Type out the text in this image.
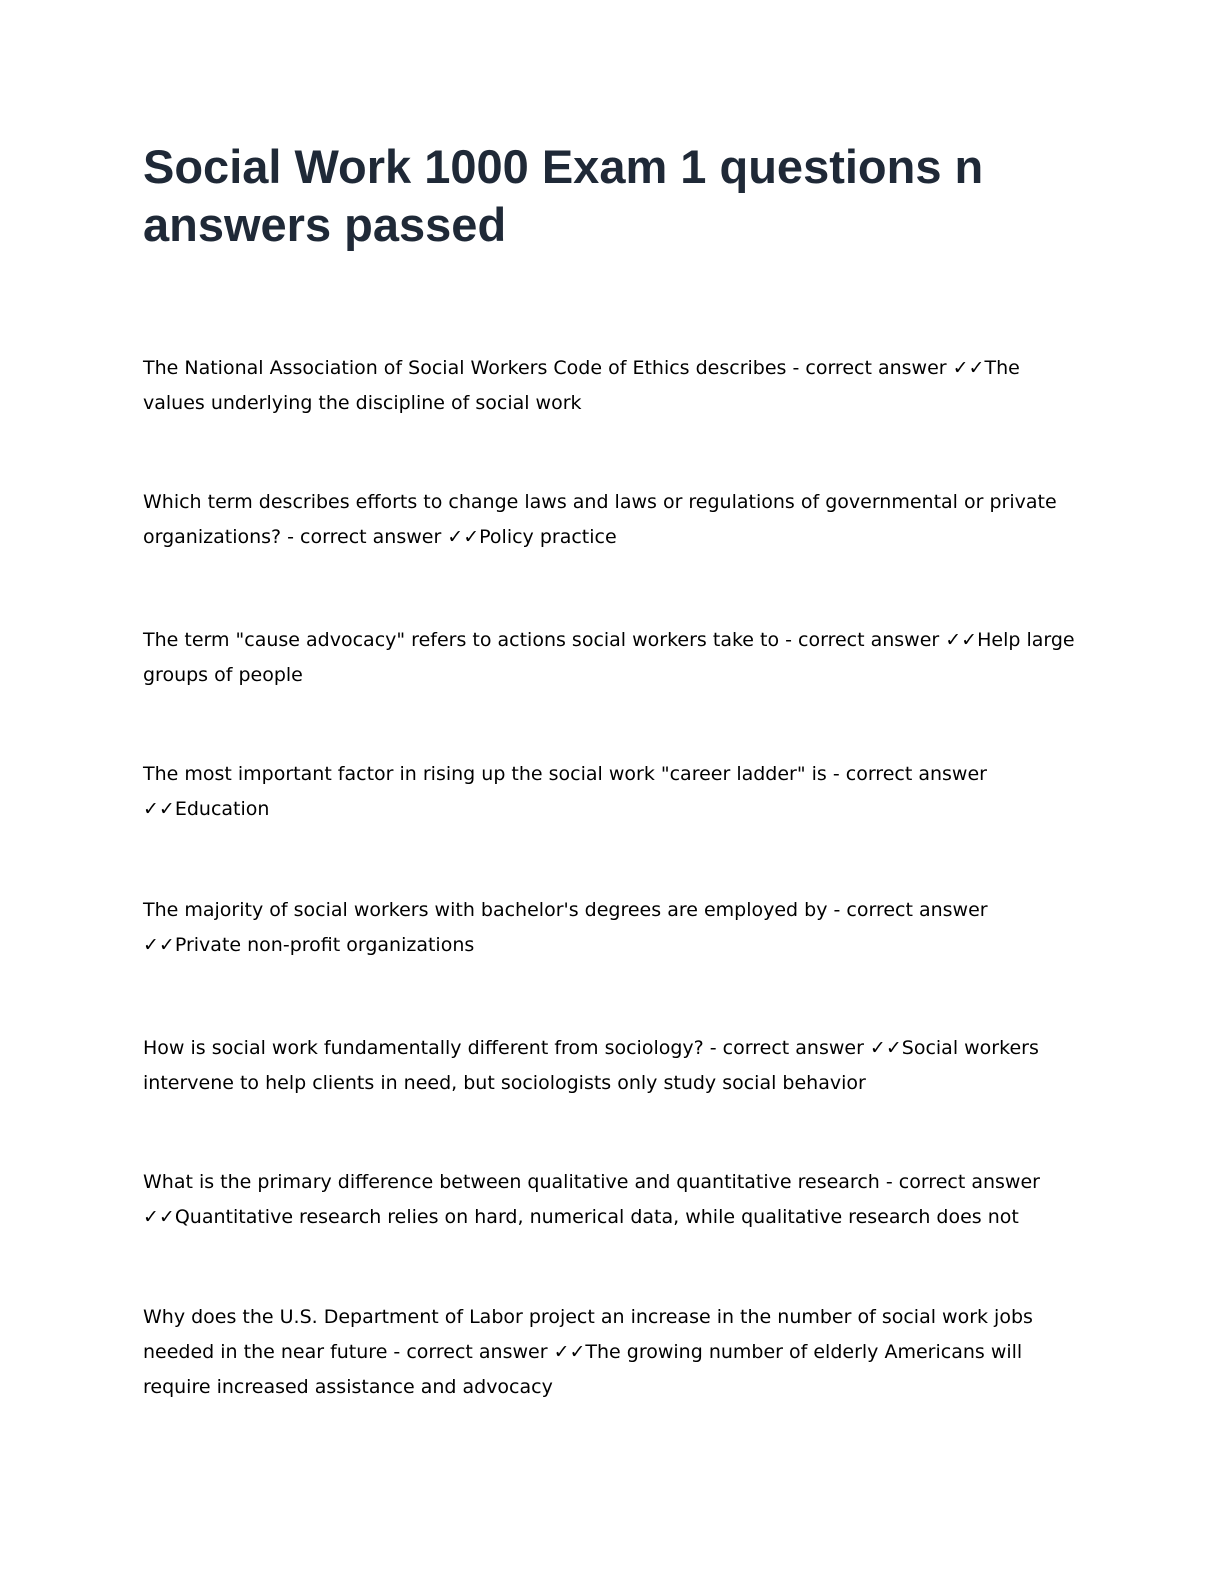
Social Work 1000 Exam 1 questions n answers passed

The National Association of Social Workers Code of Ethics describes - correct answer ✓✓The values underlying the discipline of social work

Which term describes efforts to change laws and laws or regulations of governmental or private organizations? - correct answer ✓✓Policy practice

The term "cause advocacy" refers to actions social workers take to - correct answer ✓✓Help large groups of people

The most important factor in rising up the social work "career ladder" is - correct answer ✓✓Education

The majority of social workers with bachelor's degrees are employed by - correct answer ✓✓Private non-profit organizations

How is social work fundamentally different from sociology? - correct answer ✓✓Social workers intervene to help clients in need, but sociologists only study social behavior

What is the primary difference between qualitative and quantitative research - correct answer ✓✓Quantitative research relies on hard, numerical data, while qualitative research does not

Why does the U.S. Department of Labor project an increase in the number of social work jobs needed in the near future - correct answer ✓✓The growing number of elderly Americans will require increased assistance and advocacy
